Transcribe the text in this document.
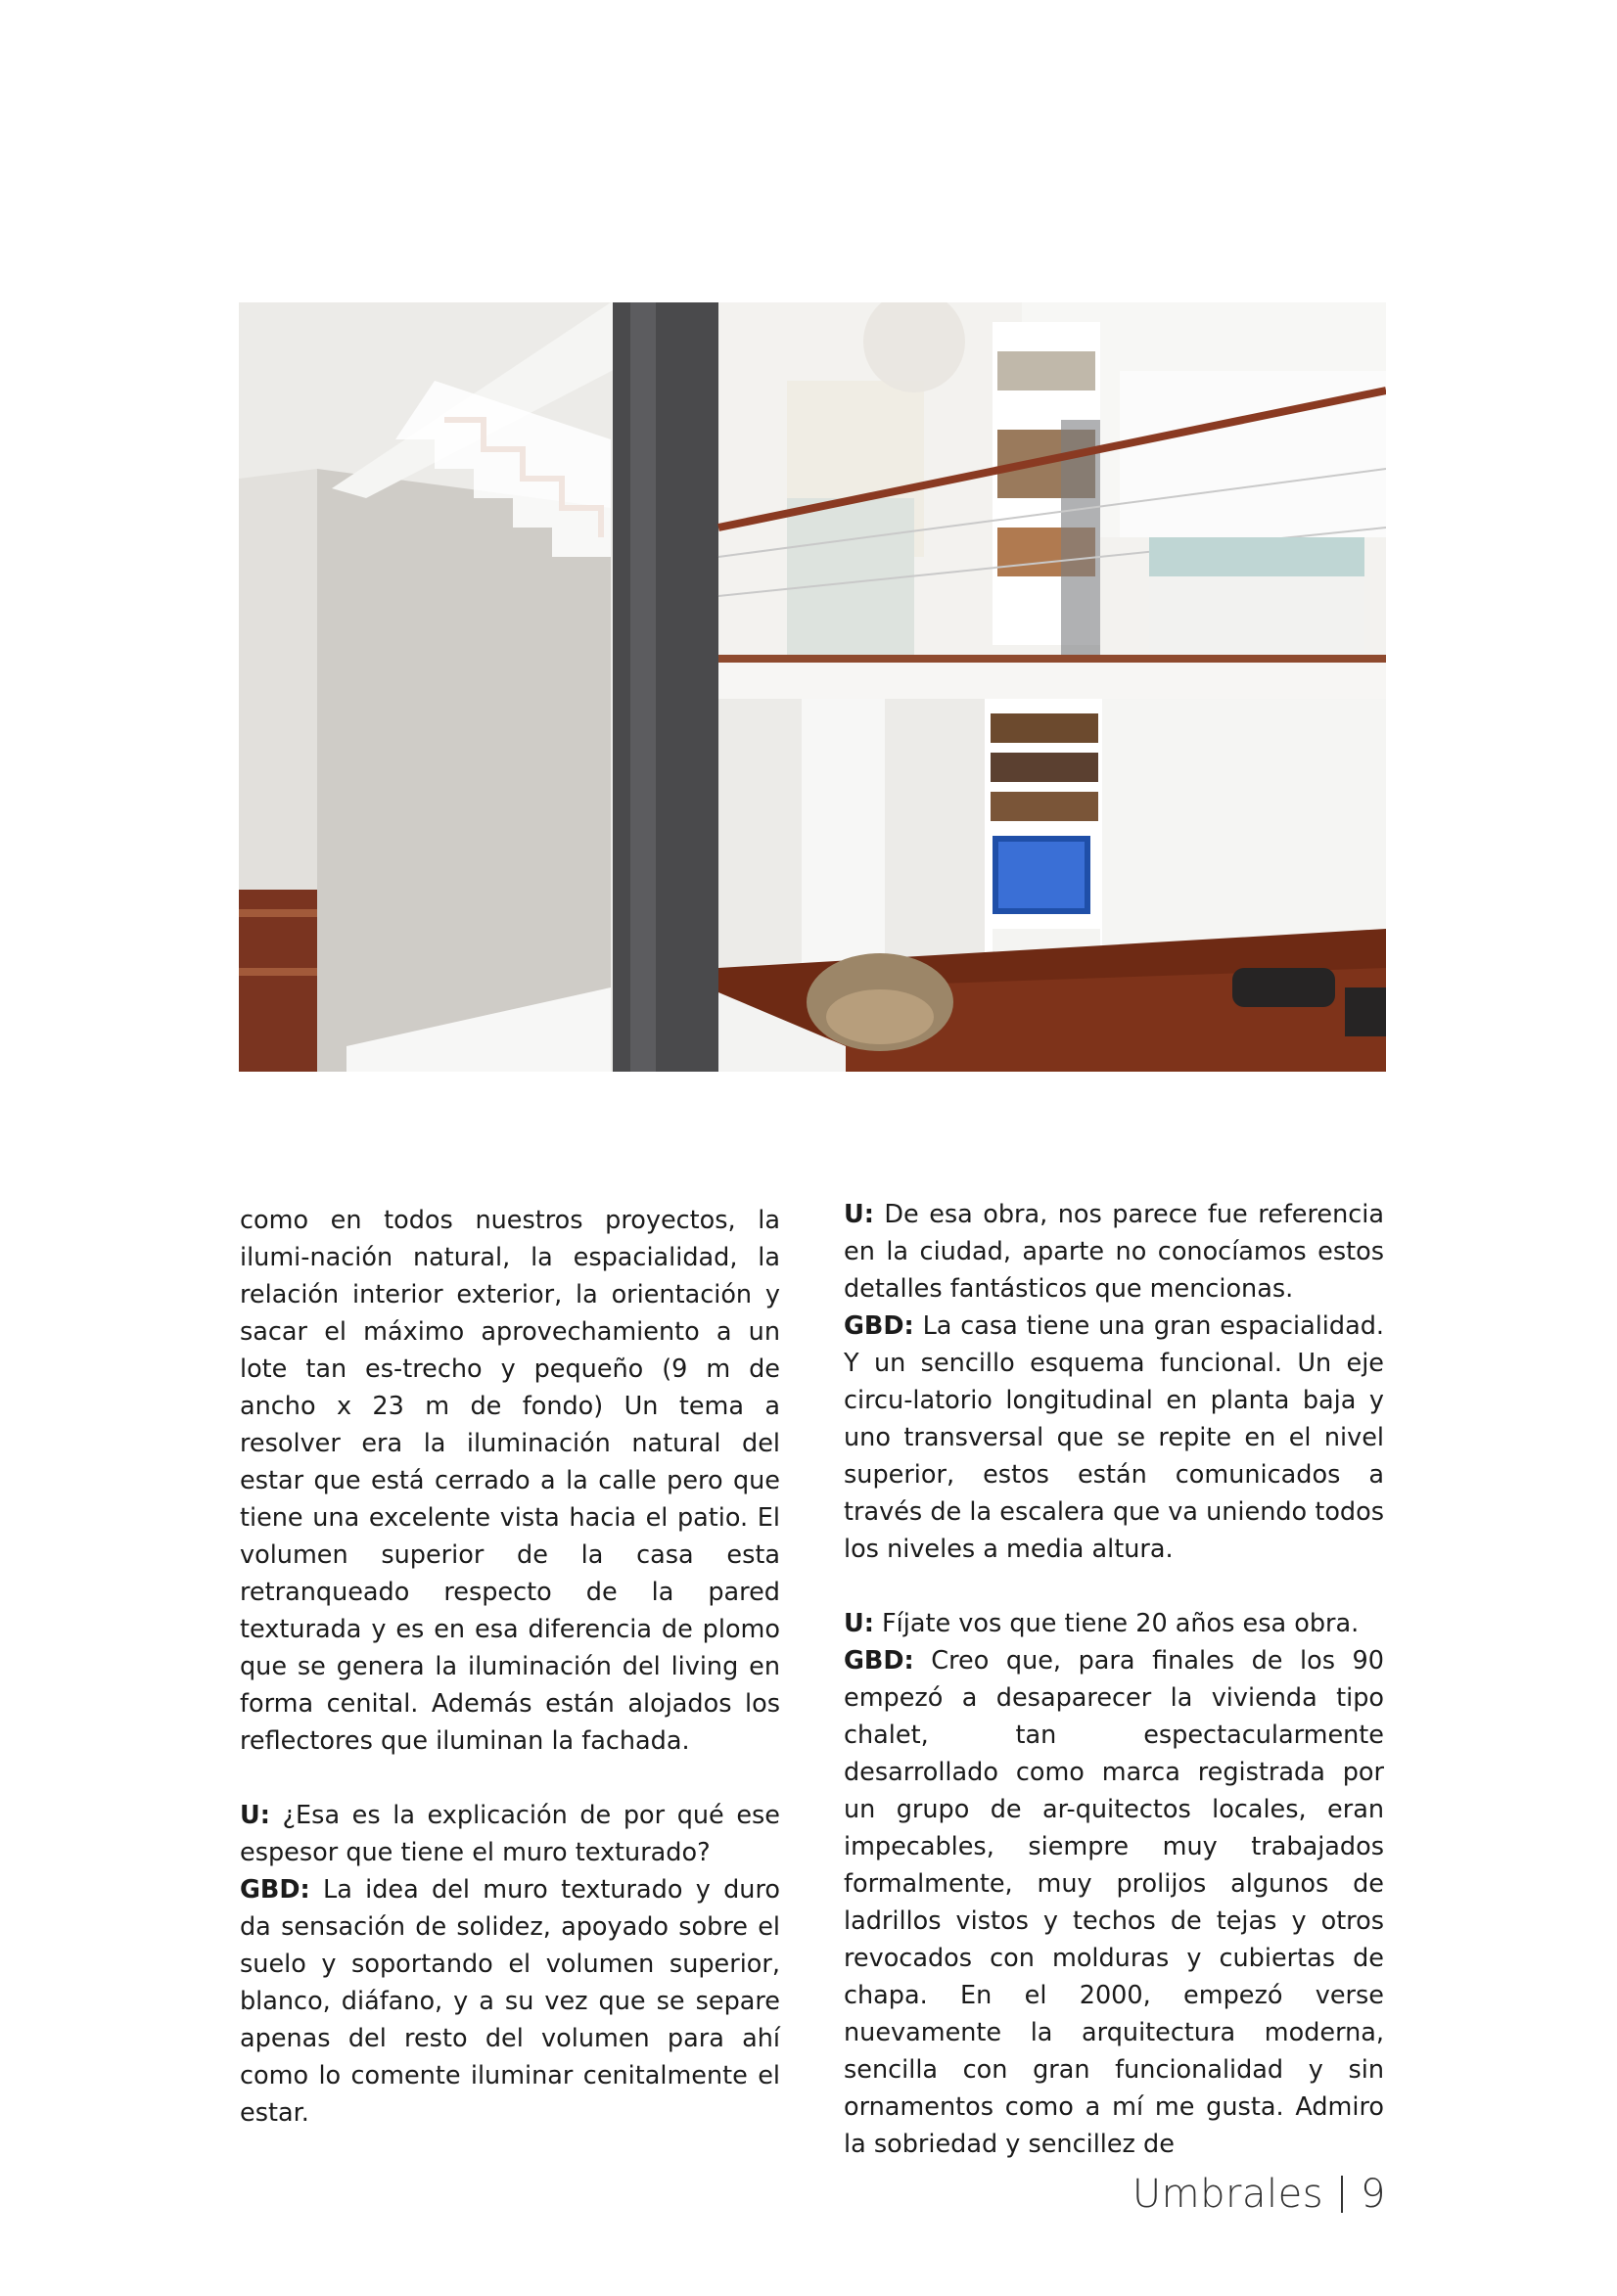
como en todos nuestros proyectos, la ilumi-nación natural, la espacialidad, la relación interior exterior, la orientación y sacar el máximo aprovechamiento a un lote tan es-trecho y pequeño (9 m de ancho x 23 m de fondo) Un tema a resolver era la iluminación natural del estar que está cerrado a la calle pero que tiene una excelente vista hacia el patio. El volumen superior de la casa esta retranqueado respecto de la pared texturada y es en esa diferencia de plomo que se genera la iluminación del living en forma cenital. Además están alojados los reflectores que iluminan la fachada.

U: ¿Esa es la explicación de por qué ese espesor que tiene el muro texturado?

GBD: La idea del muro texturado y duro da sensación de solidez, apoyado sobre el suelo y soportando el volumen superior, blanco, diáfano, y a su vez que se separe apenas del resto del volumen para ahí como lo comente iluminar cenitalmente el estar.

U: De esa obra, nos parece fue referencia en la ciudad, aparte no conocíamos estos detalles fantásticos que mencionas.

GBD: La casa tiene una gran espacialidad. Y un sencillo esquema funcional. Un eje circu-latorio longitudinal en planta baja y uno transversal que se repite en el nivel superior, estos están comunicados a través de la escalera que va uniendo todos los niveles a media altura.

U: Fíjate vos que tiene 20 años esa obra.

GBD: Creo que, para finales de los 90 empezó a desaparecer la vivienda tipo chalet, tan espectacularmente desarrollado como marca registrada por un grupo de ar-quitectos locales, eran impecables, siempre muy trabajados formalmente, muy prolijos algunos de ladrillos vistos y techos de tejas y otros revocados con molduras y cubiertas de chapa. En el 2000, empezó verse nuevamente la arquitectura moderna, sencilla con gran funcionalidad y sin ornamentos como a mí me gusta. Admiro la sobriedad y sencillez de

Umbrales 9
